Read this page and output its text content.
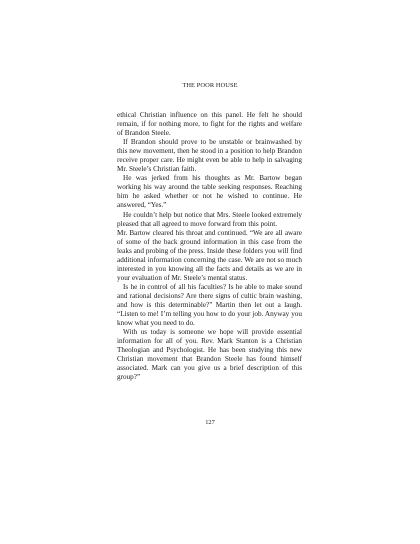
THE POOR HOUSE

ethical Christian influence on this panel. He felt he should remain, if for nothing more, to fight for the rights and welfare of Brandon Steele.

If Brandon should prove to be unstable or brainwashed by this new movement, then he stood in a position to help Brandon receive proper care. He might even be able to help in salvaging Mr. Steele’s Christian faith.

He was jerked from his thoughts as Mr. Bartow began working his way around the table seeking responses. Reaching him he asked whether or not he wished to continue. He answered, “Yes.”

He couldn’t help but notice that Mrs. Steele looked extremely pleased that all agreed to move forward from this point.

Mr. Bartow cleared his throat and continued. “We are all aware of some of the back ground information in this case from the leaks and probing of the press. Inside these folders you will find additional information concerning the case. We are not so much interested in you knowing all the facts and details as we are in your evaluation of Mr. Steele’s mental status.

Is he in control of all his faculties? Is he able to make sound and rational decisions? Are there signs of cultic brain washing, and how is this determinable?” Martin then let out a laugh. “Listen to me! I’m telling you how to do your job. Anyway you know what you need to do.

With us today is someone we hope will provide essential information for all of you. Rev. Mark Stanton is a Christian Theologian and Psychologist. He has been studying this new Christian movement that Brandon Steele has found himself associated. Mark can you give us a brief description of this group?”

127
